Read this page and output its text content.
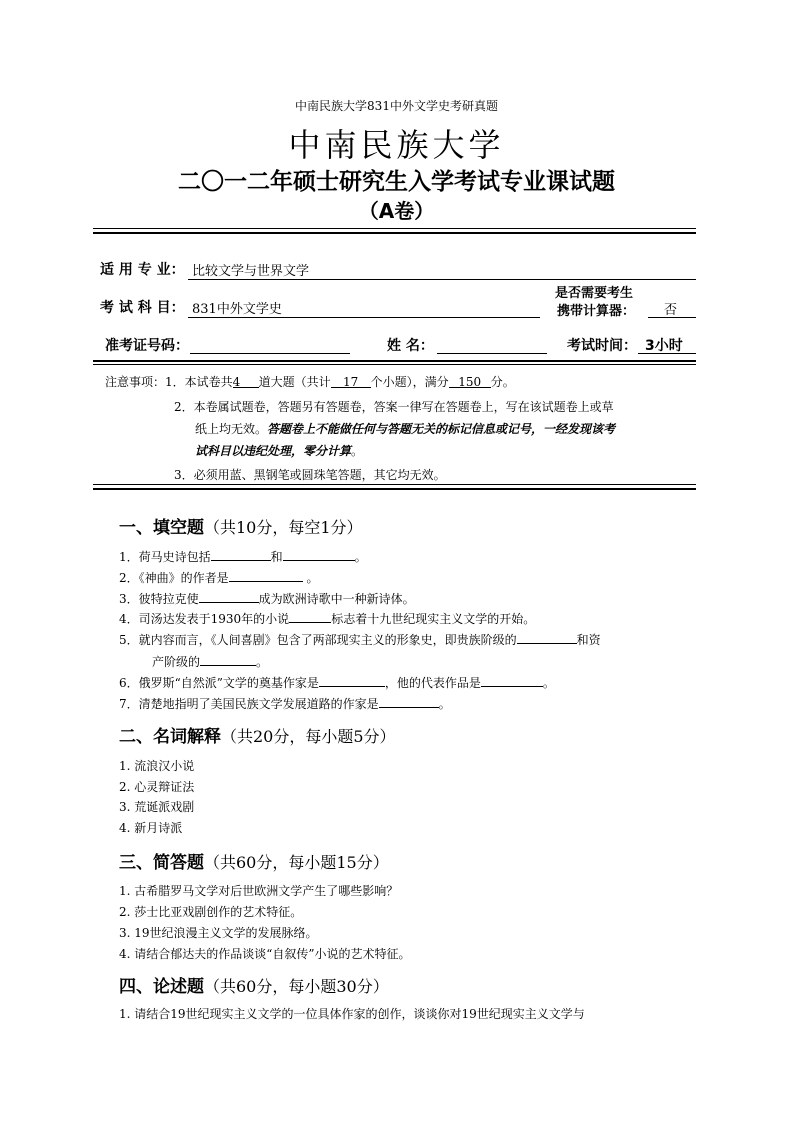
中南民族大学831中外文学史考研真题
中南民族大学
二〇一二年硕士研究生入学考试专业课试题
（A卷）
适 用 专 业： 比较文学与世界文学
考 试 科 目： 831中外文学史
是否需要考生
携带计算器： 否
准考证号码：	姓 名：	考试时间： 3小时
注意事项：1．本试卷共4 道大题（共计 17 个小题），满分 150 分。
2．本卷属试题卷，答题另有答题卷，答案一律写在答题卷上，写在该试题卷上或草
纸上均无效。答题卷上不能做任何与答题无关的标记信息或记号，一经发现该考
试科目以违纪处理，零分计算。
3．必须用蓝、黑钢笔或圆珠笔答题，其它均无效。
一、填空题（共10分，每空1分）
1．荷马史诗包括	和	。
2．《神曲》的作者是	。
3．彼特拉克使	成为欧洲诗歌中一种新诗体。
4．司汤达发表于1930年的小说	标志着十九世纪现实主义文学的开始。
5．就内容而言，《人间喜剧》包含了两部现实主义的形象史，即贵族阶级的	和资
产阶级的	。
6．俄罗斯“自然派”文学的奠基作家是	，他的代表作品是	。
7．清楚地指明了美国民族文学发展道路的作家是	。
二、名词解释（共20分，每小题5分）
1. 流浪汉小说
2. 心灵辩证法
3. 荒诞派戏剧
4. 新月诗派
三、简答题（共60分，每小题15分）
1. 古希腊罗马文学对后世欧洲文学产生了哪些影响？
2. 莎士比亚戏剧创作的艺术特征。
3. 19世纪浪漫主义文学的发展脉络。
4. 请结合郁达夫的作品谈谈“自叙传”小说的艺术特征。
四、论述题（共60分，每小题30分）
1. 请结合19世纪现实主义文学的一位具体作家的创作，谈谈你对19世纪现实主义文学与
